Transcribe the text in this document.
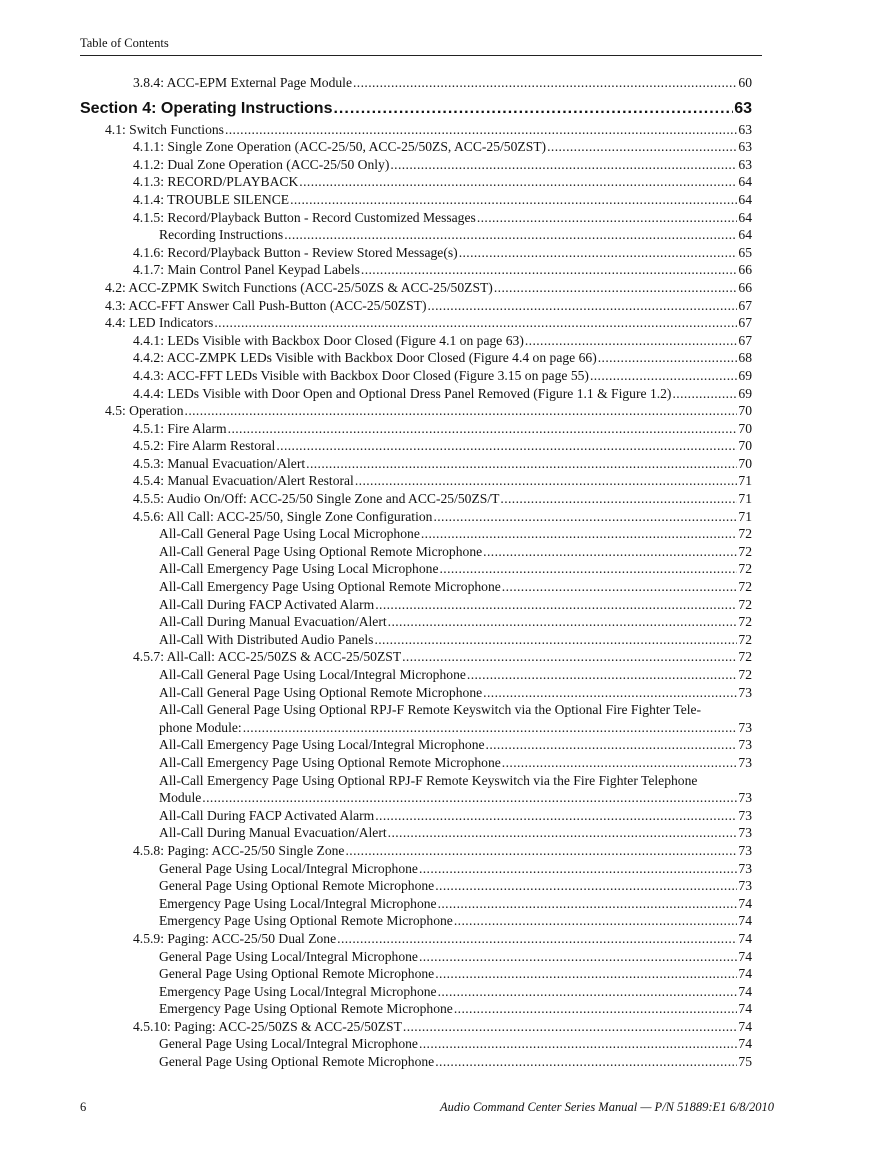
Table of Contents
3.8.4: ACC-EPM External Page Module .....	60
Section 4: Operating Instructions .....	63
4.1: Switch Functions .....	63
4.1.1: Single Zone Operation (ACC-25/50, ACC-25/50ZS, ACC-25/50ZST) .....	63
4.1.2: Dual Zone Operation (ACC-25/50 Only) .....	63
4.1.3: RECORD/PLAYBACK .....	64
4.1.4: TROUBLE SILENCE .....	64
4.1.5: Record/Playback Button - Record Customized Messages .....	64
Recording Instructions .....	64
4.1.6: Record/Playback Button - Review Stored Message(s) .....	65
4.1.7: Main Control Panel Keypad Labels .....	66
4.2: ACC-ZPMK Switch Functions (ACC-25/50ZS & ACC-25/50ZST) .....	66
4.3: ACC-FFT Answer Call Push-Button (ACC-25/50ZST) .....	67
4.4: LED Indicators .....	67
4.4.1: LEDs Visible with Backbox Door Closed (Figure 4.1 on page 63) .....	67
4.4.2: ACC-ZMPK LEDs Visible with Backbox Door Closed (Figure 4.4 on page 66) .....	68
4.4.3: ACC-FFT LEDs Visible with Backbox Door Closed (Figure 3.15 on page 55) .....	69
4.4.4: LEDs Visible with Door Open and Optional Dress Panel Removed (Figure 1.1 & Figure 1.2) .....	69
4.5: Operation .....	70
4.5.1: Fire Alarm .....	70
4.5.2: Fire Alarm Restoral .....	70
4.5.3: Manual Evacuation/Alert .....	70
4.5.4: Manual Evacuation/Alert Restoral .....	71
4.5.5: Audio On/Off: ACC-25/50 Single Zone and ACC-25/50ZS/T .....	71
4.5.6: All Call: ACC-25/50, Single Zone Configuration .....	71
All-Call General Page Using Local Microphone .....	72
All-Call General Page Using Optional Remote Microphone .....	72
All-Call Emergency Page Using Local Microphone .....	72
All-Call Emergency Page Using Optional Remote Microphone .....	72
All-Call During FACP Activated Alarm .....	72
All-Call During Manual Evacuation/Alert .....	72
All-Call With Distributed Audio Panels .....	72
4.5.7: All-Call: ACC-25/50ZS & ACC-25/50ZST .....	72
All-Call General Page Using Local/Integral Microphone .....	72
All-Call General Page Using Optional Remote Microphone .....	73
All-Call General Page Using Optional RPJ-F Remote Keyswitch via the Optional Fire Fighter Tele-
phone Module: .....	73
All-Call Emergency Page Using Local/Integral Microphone .....	73
All-Call Emergency Page Using Optional Remote Microphone .....	73
All-Call Emergency Page Using Optional RPJ-F Remote Keyswitch via the Fire Fighter Telephone
Module .....	73
All-Call During FACP Activated Alarm .....	73
All-Call During Manual Evacuation/Alert .....	73
4.5.8: Paging: ACC-25/50 Single Zone .....	73
General Page Using Local/Integral Microphone .....	73
General Page Using Optional Remote Microphone .....	73
Emergency Page Using Local/Integral Microphone .....	74
Emergency Page Using Optional Remote Microphone .....	74
4.5.9: Paging: ACC-25/50 Dual Zone .....	74
General Page Using Local/Integral Microphone .....	74
General Page Using Optional Remote Microphone .....	74
Emergency Page Using Local/Integral Microphone .....	74
Emergency Page Using Optional Remote Microphone .....	74
4.5.10: Paging: ACC-25/50ZS & ACC-25/50ZST .....	74
General Page Using Local/Integral Microphone .....	74
General Page Using Optional Remote Microphone .....	75
6	Audio Command Center Series Manual — P/N 51889:E1 6/8/2010
